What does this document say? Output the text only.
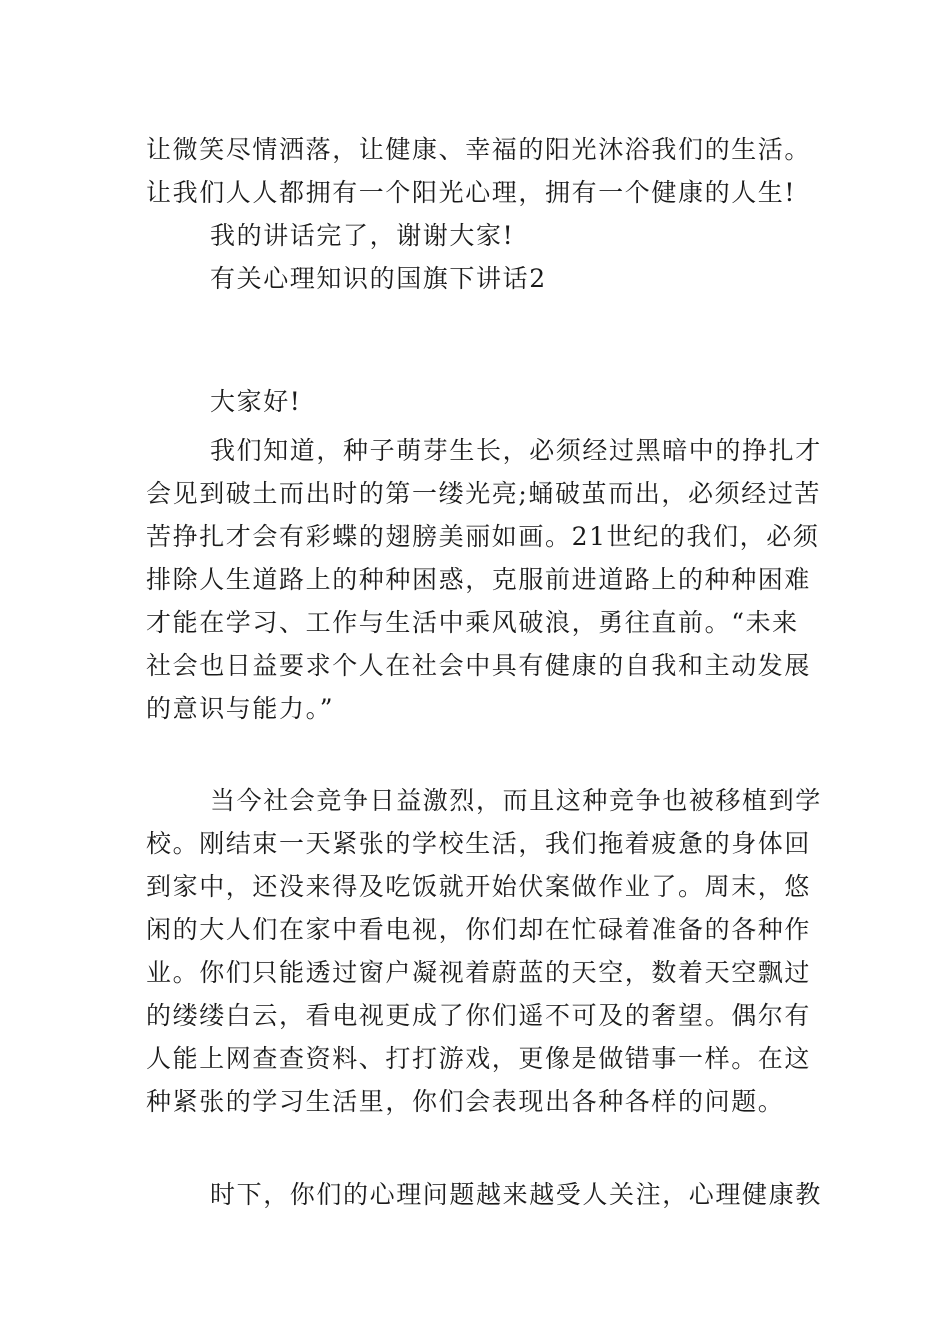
让微笑尽情洒落，让健康、幸福的阳光沐浴我们的生活。
让我们人人都拥有一个阳光心理，拥有一个健康的人生!
我的讲话完了，谢谢大家!
有关心理知识的国旗下讲话2
大家好!
我们知道，种子萌芽生长，必须经过黑暗中的挣扎才
会见到破土而出时的第一缕光亮;蛹破茧而出，必须经过苦
苦挣扎才会有彩蝶的翅膀美丽如画。21世纪的我们，必须
排除人生道路上的种种困惑，克服前进道路上的种种困难
才能在学习、工作与生活中乘风破浪，勇往直前。“未来
社会也日益要求个人在社会中具有健康的自我和主动发展
的意识与能力。”
当今社会竞争日益激烈，而且这种竞争也被移植到学
校。刚结束一天紧张的学校生活，我们拖着疲惫的身体回
到家中，还没来得及吃饭就开始伏案做作业了。周末，悠
闲的大人们在家中看电视，你们却在忙碌着准备的各种作
业。你们只能透过窗户凝视着蔚蓝的天空，数着天空飘过
的缕缕白云，看电视更成了你们遥不可及的奢望。偶尔有
人能上网查查资料、打打游戏，更像是做错事一样。在这
种紧张的学习生活里，你们会表现出各种各样的问题。
时下，你们的心理问题越来越受人关注，心理健康教
